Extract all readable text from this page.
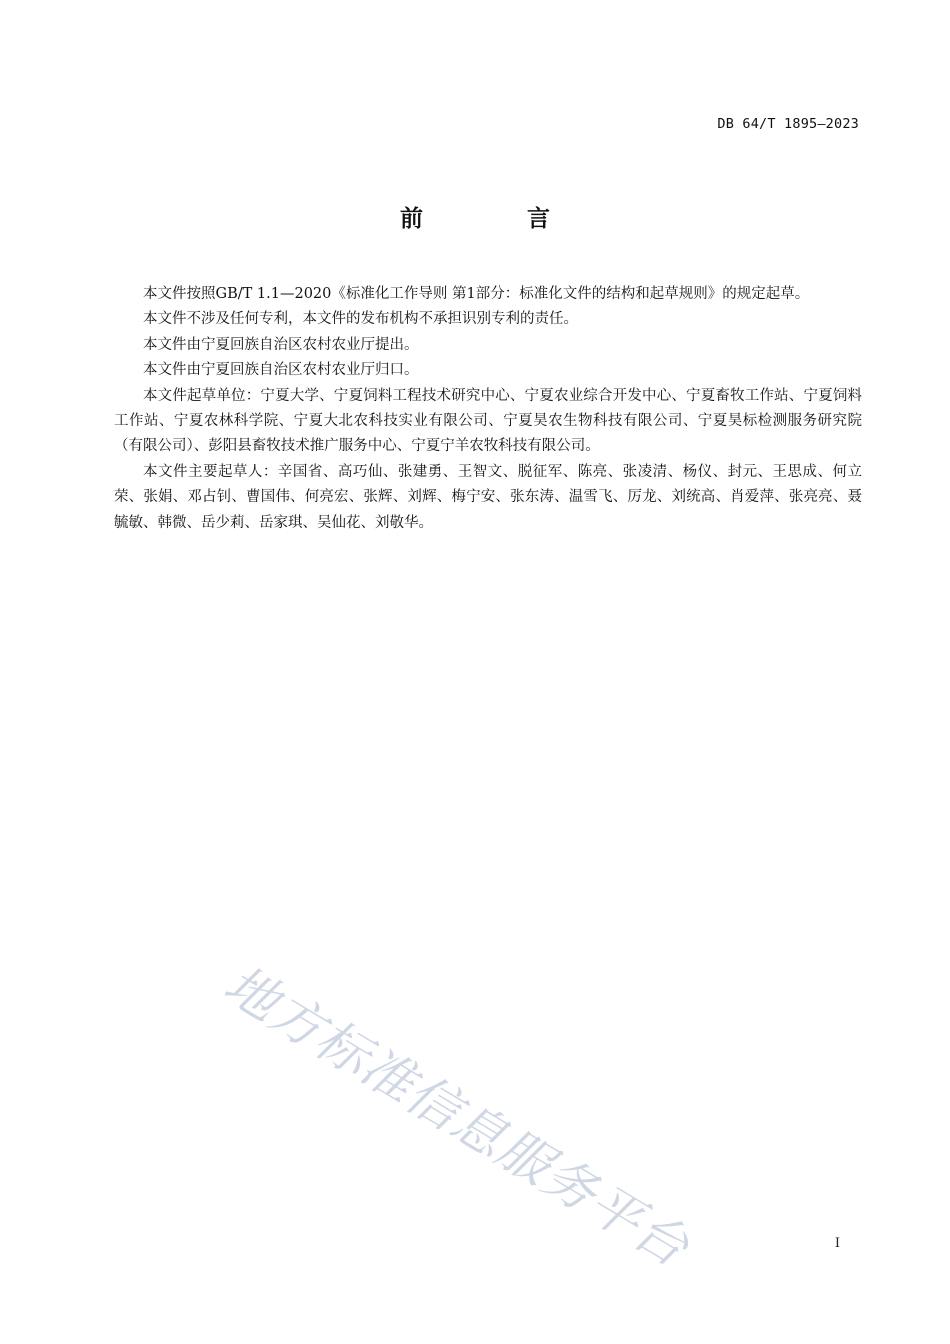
DB 64/T 1895—2023
前 言

本文件按照GB/T 1.1—2020《标准化工作导则 第1部分：标准化文件的结构和起草规则》的规定起草。

本文件不涉及任何专利，本文件的发布机构不承担识别专利的责任。

本文件由宁夏回族自治区农村农业厅提出。

本文件由宁夏回族自治区农村农业厅归口。

本文件起草单位：宁夏大学、宁夏饲料工程技术研究中心、宁夏农业综合开发中心、宁夏畜牧工作站、宁夏饲料工作站、宁夏农林科学院、宁夏大北农科技实业有限公司、宁夏昊农生物科技有限公司、宁夏昊标检测服务研究院（有限公司）、彭阳县畜牧技术推广服务中心、宁夏宁羊农牧科技有限公司。

本文件主要起草人：辛国省、高巧仙、张建勇、王智文、脱征军、陈亮、张凌清、杨仪、封元、王思成、何立荣、张娟、邓占钊、曹国伟、何亮宏、张辉、刘辉、梅宁安、张东涛、温雪飞、厉龙、刘统高、肖爱萍、张亮亮、聂毓敏、韩微、岳少莉、岳家琪、吴仙花、刘敬华。

地方标准信息服务平台	I
